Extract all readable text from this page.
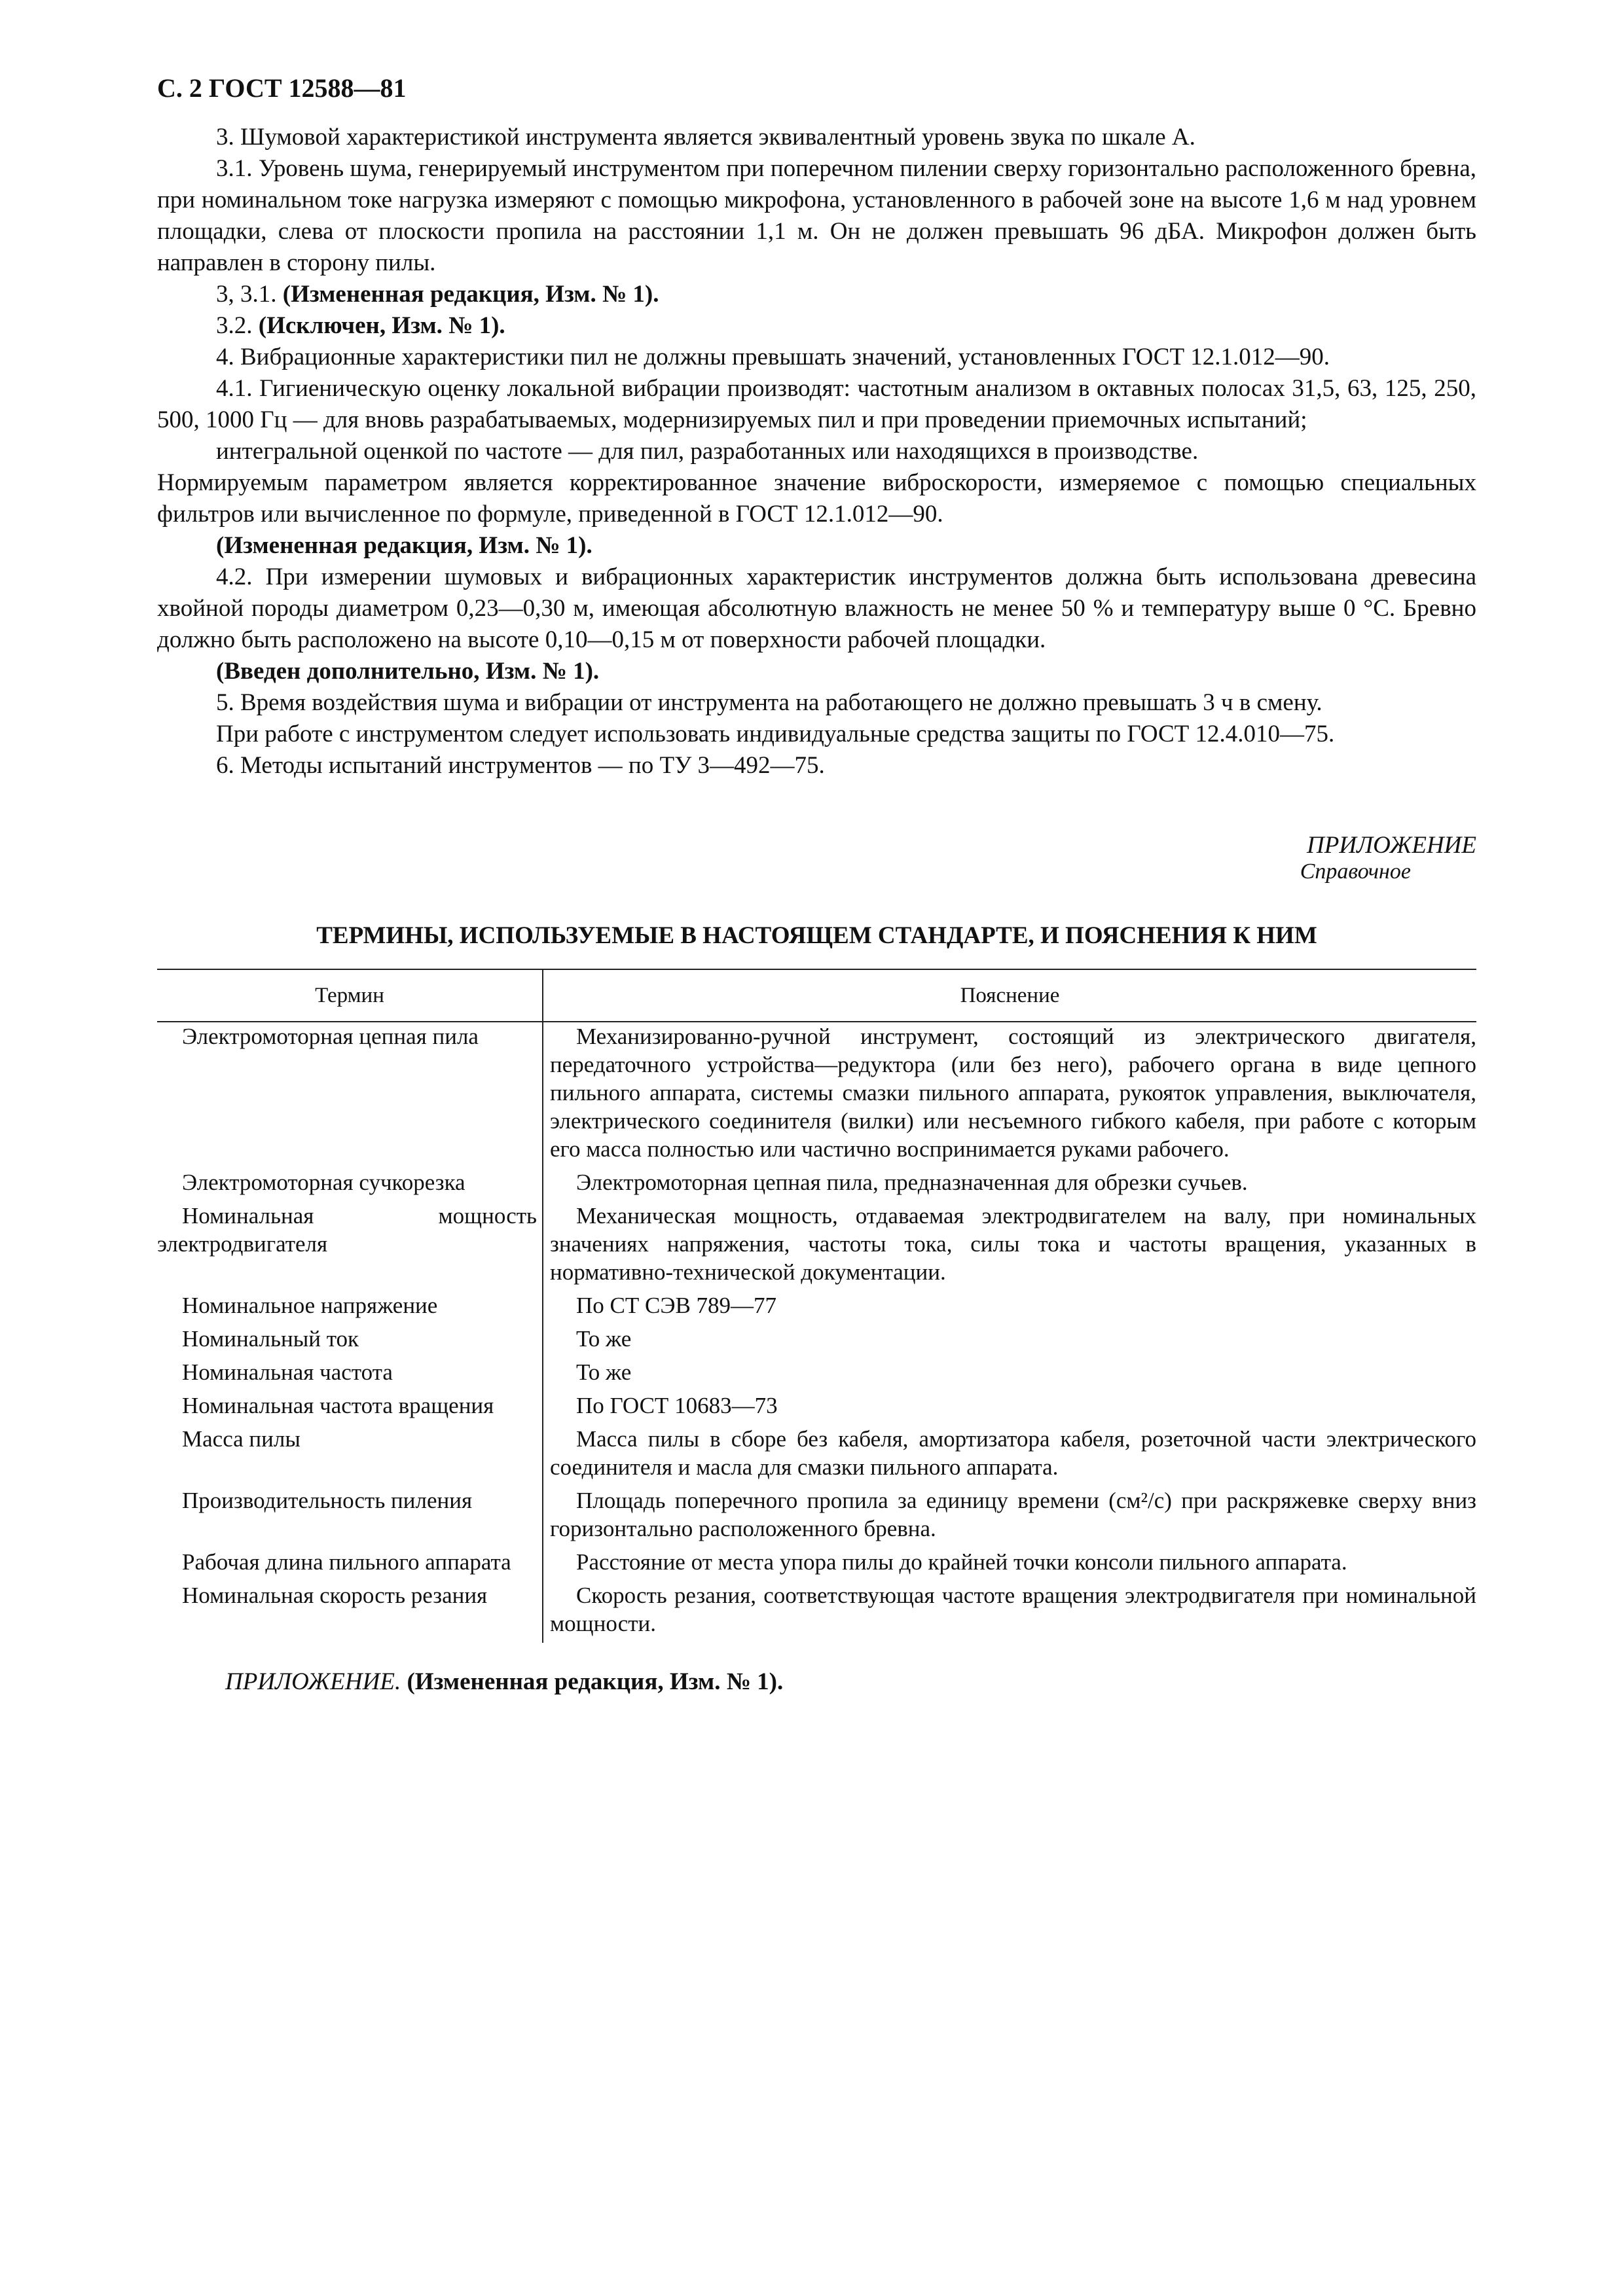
С. 2 ГОСТ 12588—81

3. Шумовой характеристикой инструмента является эквивалентный уровень звука по шкале А.

3.1. Уровень шума, генерируемый инструментом при поперечном пилении сверху горизонтально расположенного бревна, при номинальном токе нагрузка измеряют с помощью микрофона, установленного в рабочей зоне на высоте 1,6 м над уровнем площадки, слева от плоскости пропила на расстоянии 1,1 м. Он не должен превышать 96 дБА. Микрофон должен быть направлен в сторону пилы.

3, 3.1. (Измененная редакция, Изм. № 1).

3.2. (Исключен, Изм. № 1).

4. Вибрационные характеристики пил не должны превышать значений, установленных ГОСТ 12.1.012—90.

4.1. Гигиеническую оценку локальной вибрации производят: частотным анализом в октавных полосах 31,5, 63, 125, 250, 500, 1000 Гц — для вновь разрабатываемых, модернизируемых пил и при проведении приемочных испытаний;

интегральной оценкой по частоте — для пил, разработанных или находящихся в производстве.

Нормируемым параметром является корректированное значение виброскорости, измеряемое с помощью специальных фильтров или вычисленное по формуле, приведенной в ГОСТ 12.1.012—90.

(Измененная редакция, Изм. № 1).

4.2. При измерении шумовых и вибрационных характеристик инструментов должна быть использована древесина хвойной породы диаметром 0,23—0,30 м, имеющая абсолютную влажность не менее 50 % и температуру выше 0 °С. Бревно должно быть расположено на высоте 0,10—0,15 м от поверхности рабочей площадки.

(Введен дополнительно, Изм. № 1).

5. Время воздействия шума и вибрации от инструмента на работающего не должно превышать 3 ч в смену.

При работе с инструментом следует использовать индивидуальные средства защиты по ГОСТ 12.4.010—75.

6. Методы испытаний инструментов — по ТУ 3—492—75.

ПРИЛОЖЕНИЕ
Справочное
ТЕРМИНЫ, ИСПОЛЬЗУЕМЫЕ В НАСТОЯЩЕМ СТАНДАРТЕ, И ПОЯСНЕНИЯ К НИМ
Термин	Пояснение
Электромоторная цепная пила	Механизированно-ручной инструмент, состоящий из электрического двигателя, передаточного устройства—редуктора (или без него), рабочего органа в виде цепного пильного аппарата, системы смазки пильного аппарата, рукояток управления, выключателя, электрического соединителя (вилки) или несъемного гибкого кабеля, при работе с которым его масса полностью или частично воспринимается руками рабочего.
Электромоторная сучкорезка	Электромоторная цепная пила, предназначенная для обрезки сучьев.
Номинальная мощность электродвигателя	Механическая мощность, отдаваемая электродвигателем на валу, при номинальных значениях напряжения, частоты тока, силы тока и частоты вращения, указанных в нормативно-технической документации.
Номинальное напряжение	По СТ СЭВ 789—77
Номинальный ток	То же
Номинальная частота	То же
Номинальная частота вращения	По ГОСТ 10683—73
Масса пилы	Масса пилы в сборе без кабеля, амортизатора кабеля, розеточной части электрического соединителя и масла для смазки пильного аппарата.
Производительность пиления	Площадь поперечного пропила за единицу времени (см²/с) при раскряжевке сверху вниз горизонтально расположенного бревна.
Рабочая длина пильного аппарата	Расстояние от места упора пилы до крайней точки консоли пильного аппарата.
Номинальная скорость резания	Скорость резания, соответствующая частоте вращения электродвигателя при номинальной мощности.
ПРИЛОЖЕНИЕ. (Измененная редакция, Изм. № 1).
